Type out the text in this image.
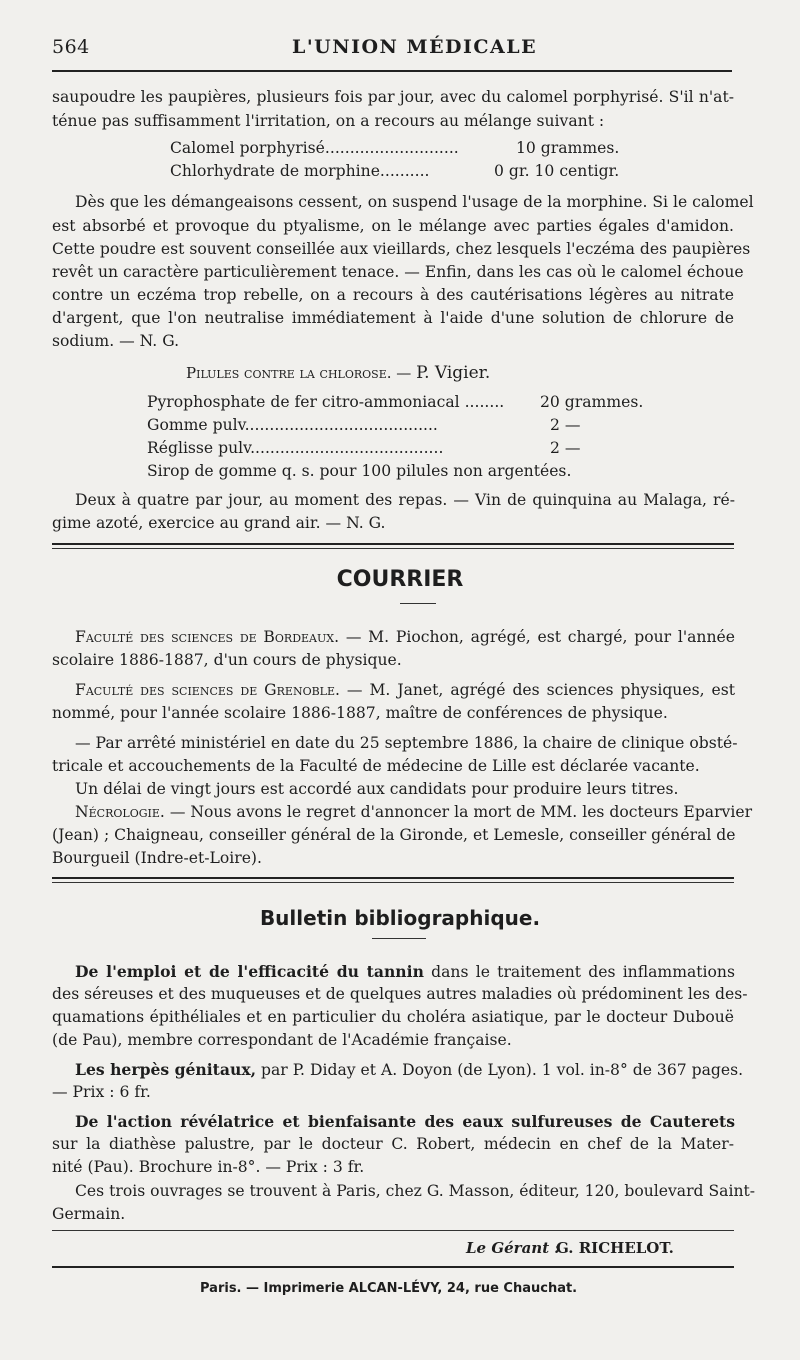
564	L'UNION MÉDICALE
saupoudre les paupières, plusieurs fois par jour, avec du calomel porphyrisé. S'il n'at-
ténue pas suffisamment l'irritation, on a recours au mélange suivant :
Calomel porphyrisé...........................	10 grammes.
Chlorhydrate de morphine..........	0 gr. 10 centigr.
Dès que les démangeaisons cessent, on suspend l'usage de la morphine. Si le calomel
est absorbé et provoque du ptyalisme, on le mélange avec parties égales d'amidon.
Cette poudre est souvent conseillée aux vieillards, chez lesquels l'eczéma des paupières
revêt un caractère particulièrement tenace. — Enfin, dans les cas où le calomel échoue
contre un eczéma trop rebelle, on a recours à des cautérisations légères au nitrate
d'argent, que l'on neutralise immédiatement à l'aide d'une solution de chlorure de
sodium. — N. G.
Pilules contre la chlorose. — P. Vigier.
Pyrophosphate de fer citro-ammoniacal ........ 20 grammes.
Gomme pulv.......................................	2 —
Réglisse pulv.......................................	2 —
Sirop de gomme q. s. pour 100 pilules non argentées.
Deux à quatre par jour, au moment des repas. — Vin de quinquina au Malaga, ré-
gime azoté, exercice au grand air. — N. G.
COURRIER
Faculté des sciences de Bordeaux. — M. Piochon, agrégé, est chargé, pour l'année
scolaire 1886-1887, d'un cours de physique.
Faculté des sciences de Grenoble. — M. Janet, agrégé des sciences physiques, est
nommé, pour l'année scolaire 1886-1887, maître de conférences de physique.
— Par arrêté ministériel en date du 25 septembre 1886, la chaire de clinique obsté-
tricale et accouchements de la Faculté de médecine de Lille est déclarée vacante.
Un délai de vingt jours est accordé aux candidats pour produire leurs titres.
Nécrologie. — Nous avons le regret d'annoncer la mort de MM. les docteurs Eparvier
(Jean) ; Chaigneau, conseiller général de la Gironde, et Lemesle, conseiller général de
Bourgueil (Indre-et-Loire).
Bulletin bibliographique.
De l'emploi et de l'efficacité du tannin dans le traitement des inflammations
des séreuses et des muqueuses et de quelques autres maladies où prédominent les des-
quamations épithéliales et en particulier du choléra asiatique, par le docteur Dubouë
(de Pau), membre correspondant de l'Académie française.
Les herpès génitaux, par P. Diday et A. Doyon (de Lyon). 1 vol. in-8° de 367 pages.
— Prix : 6 fr.
De l'action révélatrice et bienfaisante des eaux sulfureuses de Cauterets
sur la diathèse palustre, par le docteur C. Robert, médecin en chef de la Mater-
nité (Pau). Brochure in-8°. — Prix : 3 fr.
Ces trois ouvrages se trouvent à Paris, chez G. Masson, éditeur, 120, boulevard Saint-
Germain.
Le Gérant :
G. RICHELOT.
Paris. — Imprimerie ALCAN-LÉVY, 24, rue Chauchat.
